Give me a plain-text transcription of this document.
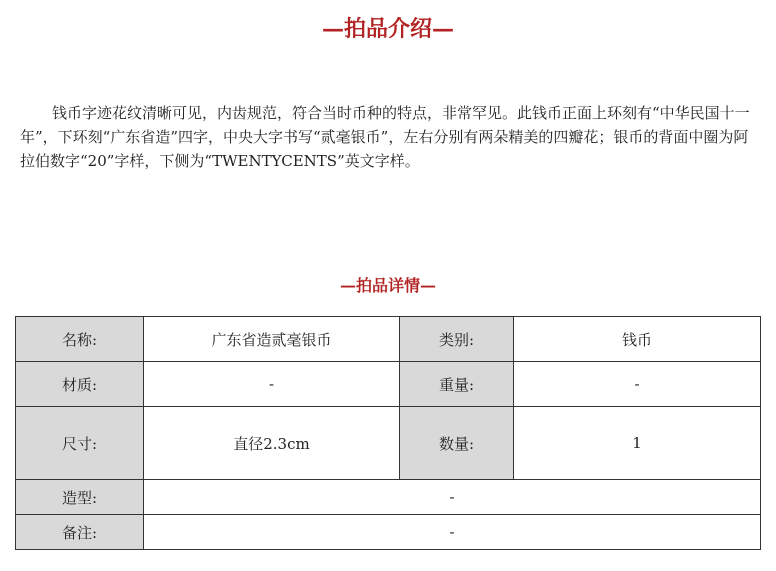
—拍品介绍—
钱币字迹花纹清晰可见，内齿规范，符合当时币种的特点，非常罕见。此钱币正面上环刻有“中华民国十一年”，下环刻“广东省造”四字，中央大字书写“贰毫银币”，左右分别有两朵精美的四瓣花；银币的背面中圈为阿拉伯数字“20”字样，下侧为“TWENTYCENTS”英文字样。
—拍品详情—
名称:	广东省造贰毫银币	类别:	钱币
材质:	-	重量:	-
尺寸:	直径2.3cm	数量:	1
造型:	-		
备注:	-		
